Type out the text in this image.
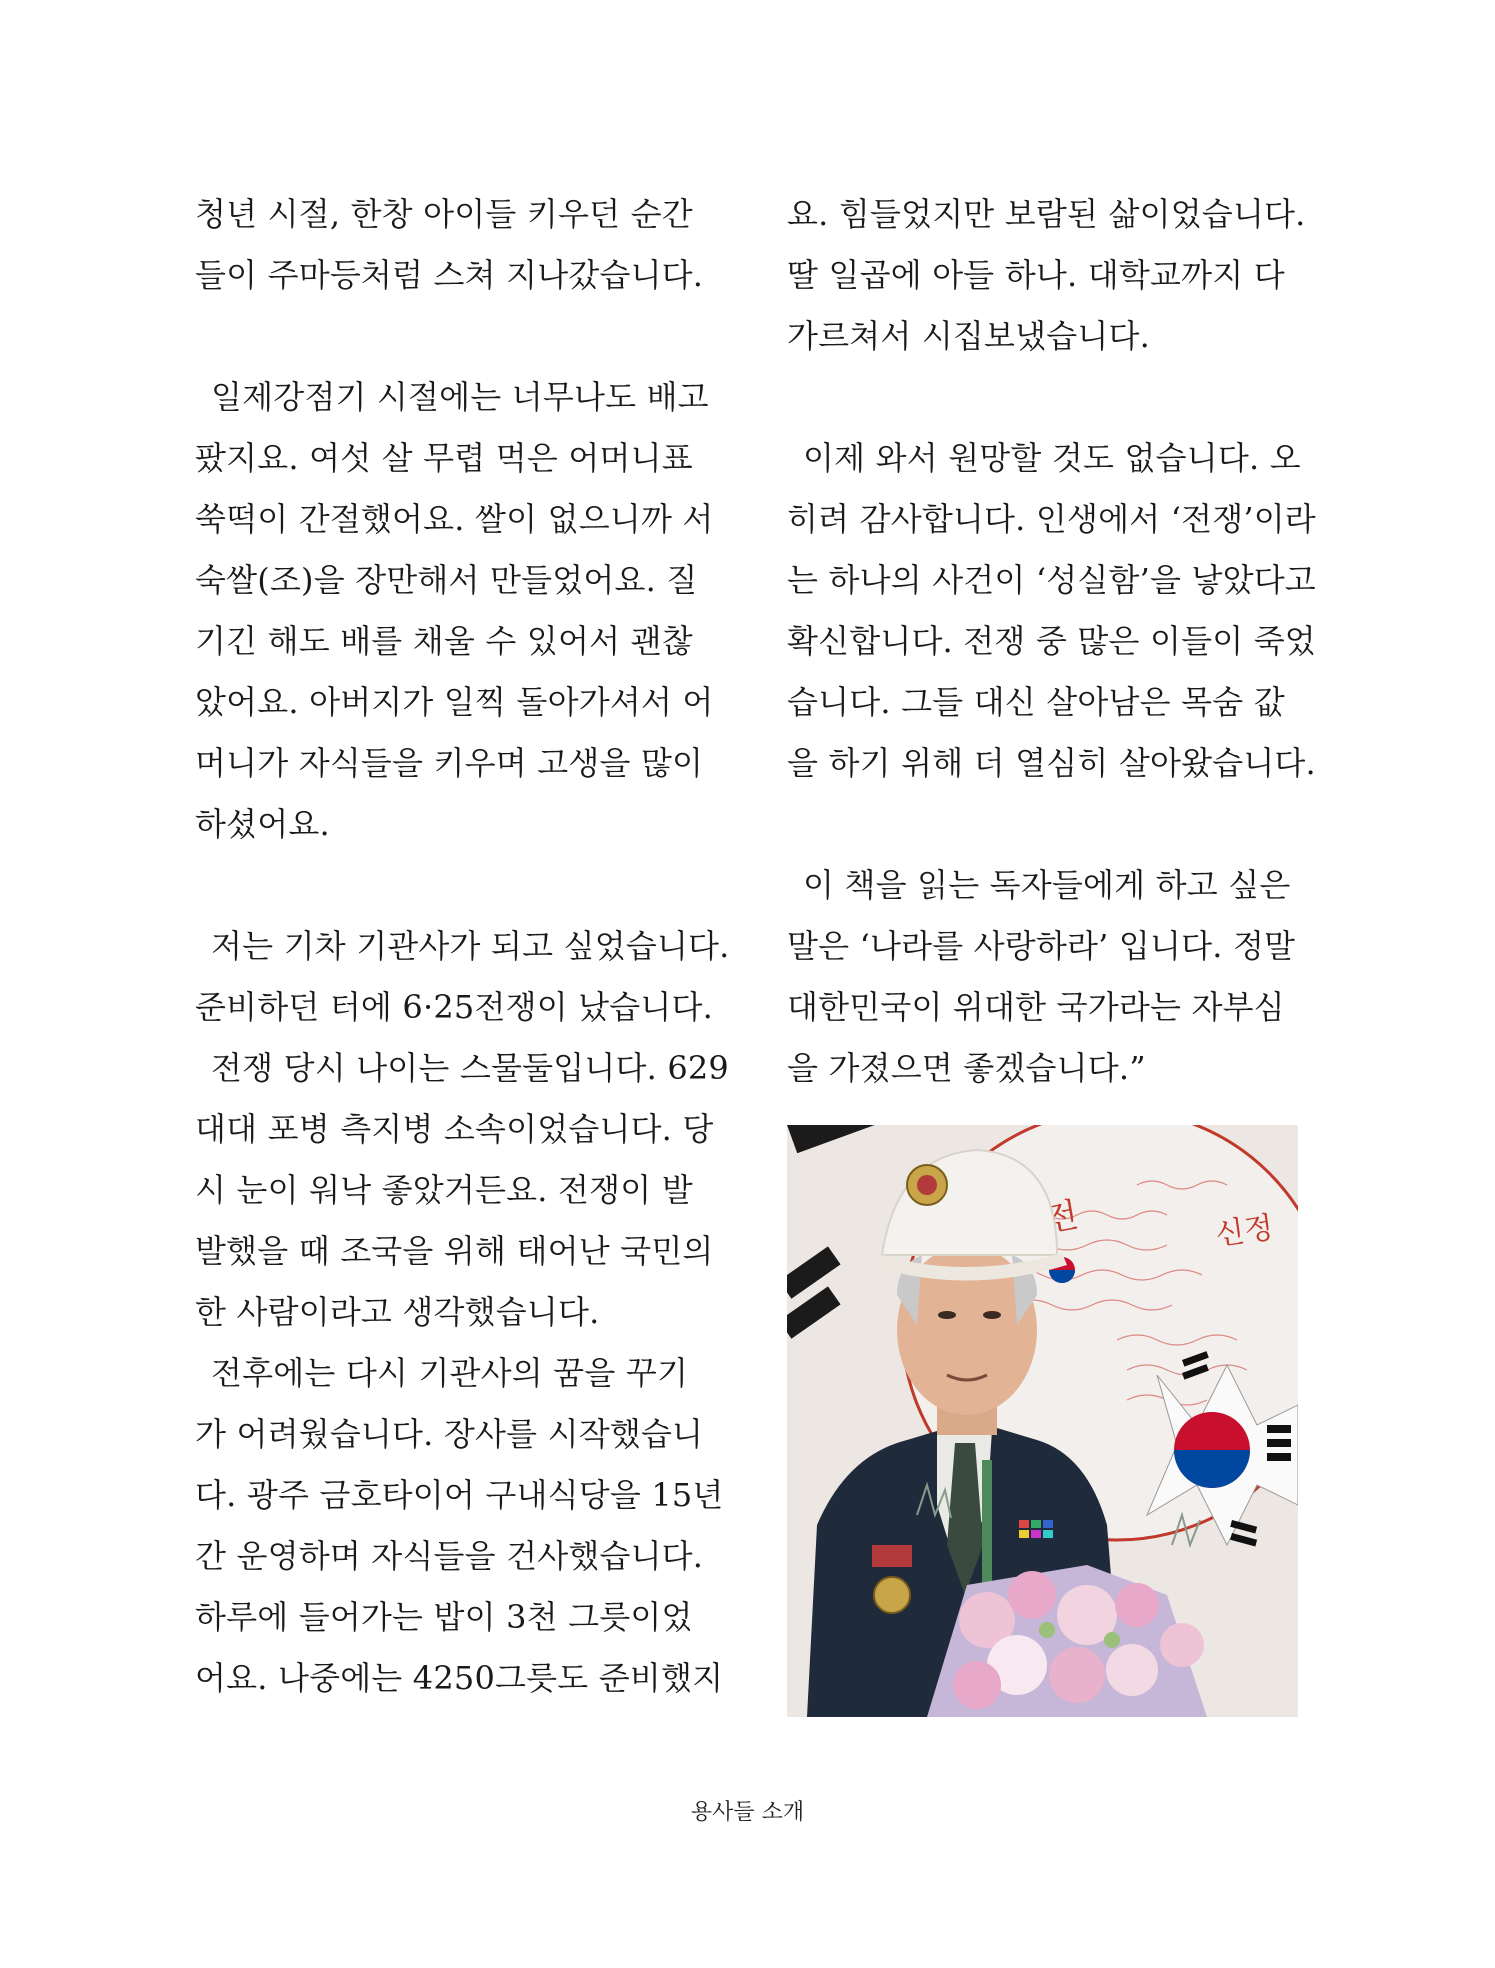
청년 시절, 한창 아이들 키우던 순간
들이 주마등처럼 스쳐 지나갔습니다.
일제강점기 시절에는 너무나도 배고
팠지요. 여섯 살 무렵 먹은 어머니표
쑥떡이 간절했어요. 쌀이 없으니까 서
숙쌀(조)을 장만해서 만들었어요. 질
기긴 해도 배를 채울 수 있어서 괜찮
았어요. 아버지가 일찍 돌아가셔서 어
머니가 자식들을 키우며 고생을 많이
하셨어요.
저는 기차 기관사가 되고 싶었습니다.
준비하던 터에 6·25전쟁이 났습니다.
전쟁 당시 나이는 스물둘입니다. 629
대대 포병 측지병 소속이었습니다. 당
시 눈이 워낙 좋았거든요. 전쟁이 발
발했을 때 조국을 위해 태어난 국민의
한 사람이라고 생각했습니다.
전후에는 다시 기관사의 꿈을 꾸기
가 어려웠습니다. 장사를 시작했습니
다. 광주 금호타이어 구내식당을 15년
간 운영하며 자식들을 건사했습니다.
하루에 들어가는 밥이 3천 그릇이었
어요. 나중에는 4250그릇도 준비했지
요. 힘들었지만 보람된 삶이었습니다.
딸 일곱에 아들 하나. 대학교까지 다
가르쳐서 시집보냈습니다.
이제 와서 원망할 것도 없습니다. 오
히려 감사합니다. 인생에서 ‘전쟁’이라
는 하나의 사건이 ‘성실함’을 낳았다고
확신합니다. 전쟁 중 많은 이들이 죽었
습니다. 그들 대신 살아남은 목숨 값
을 하기 위해 더 열심히 살아왔습니다.
이 책을 읽는 독자들에게 하고 싶은
말은 ‘나라를 사랑하라’ 입니다. 정말
대한민국이 위대한 국가라는 자부심
을 가졌으면 좋겠습니다.”
신정
용사들 소개
